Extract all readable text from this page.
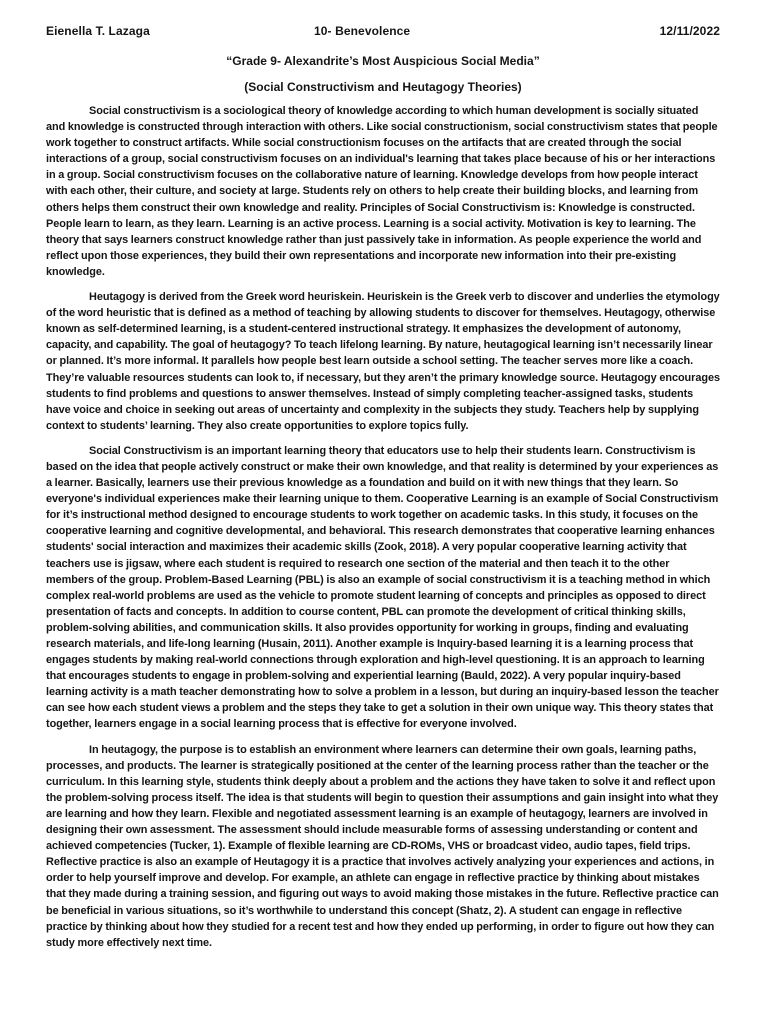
Eienella T. Lazaga	10- Benevolence	12/11/2022
“Grade 9- Alexandrite’s Most Auspicious Social Media”
(Social Constructivism and Heutagogy Theories)

Social constructivism is a sociological theory of knowledge according to which human development is socially situated and knowledge is constructed through interaction with others. Like social constructionism, social constructivism states that people work together to construct artifacts. While social constructionism focuses on the artifacts that are created through the social interactions of a group, social constructivism focuses on an individual's learning that takes place because of his or her interactions in a group. Social constructivism focuses on the collaborative nature of learning. Knowledge develops from how people interact with each other, their culture, and society at large. Students rely on others to help create their building blocks, and learning from others helps them construct their own knowledge and reality. Principles of Social Constructivism is: Knowledge is constructed. People learn to learn, as they learn. Learning is an active process. Learning is a social activity. Motivation is key to learning. The theory that says learners construct knowledge rather than just passively take in information. As people experience the world and reflect upon those experiences, they build their own representations and incorporate new information into their pre-existing knowledge.

Heutagogy is derived from the Greek word heuriskein. Heuriskein is the Greek verb to discover and underlies the etymology of the word heuristic that is defined as a method of teaching by allowing students to discover for themselves. Heutagogy, otherwise known as self-determined learning, is a student-centered instructional strategy. It emphasizes the development of autonomy, capacity, and capability. The goal of heutagogy? To teach lifelong learning. By nature, heutagogical learning isn’t necessarily linear or planned. It’s more informal. It parallels how people best learn outside a school setting. The teacher serves more like a coach. They’re valuable resources students can look to, if necessary, but they aren’t the primary knowledge source. Heutagogy encourages students to find problems and questions to answer themselves. Instead of simply completing teacher-assigned tasks, students have voice and choice in seeking out areas of uncertainty and complexity in the subjects they study. Teachers help by supplying context to students’ learning. They also create opportunities to explore topics fully.

Social Constructivism is an important learning theory that educators use to help their students learn. Constructivism is based on the idea that people actively construct or make their own knowledge, and that reality is determined by your experiences as a learner. Basically, learners use their previous knowledge as a foundation and build on it with new things that they learn. So everyone's individual experiences make their learning unique to them. Cooperative Learning is an example of Social Constructivism for it’s instructional method designed to encourage students to work together on academic tasks. In this study, it focuses on the cooperative learning and cognitive developmental, and behavioral. This research demonstrates that cooperative learning enhances students' social interaction and maximizes their academic skills (Zook, 2018). A very popular cooperative learning activity that teachers use is jigsaw, where each student is required to research one section of the material and then teach it to the other members of the group. Problem-Based Learning (PBL) is also an example of social constructivism it is a teaching method in which complex real-world problems are used as the vehicle to promote student learning of concepts and principles as opposed to direct presentation of facts and concepts. In addition to course content, PBL can promote the development of critical thinking skills, problem-solving abilities, and communication skills. It also provides opportunity for working in groups, finding and evaluating research materials, and life-long learning (Husain, 2011). Another example is Inquiry-based learning it is a learning process that engages students by making real-world connections through exploration and high-level questioning. It is an approach to learning that encourages students to engage in problem-solving and experiential learning (Bauld, 2022). A very popular inquiry-based learning activity is a math teacher demonstrating how to solve a problem in a lesson, but during an inquiry-based lesson the teacher can see how each student views a problem and the steps they take to get a solution in their own unique way. This theory states that together, learners engage in a social learning process that is effective for everyone involved.

In heutagogy, the purpose is to establish an environment where learners can determine their own goals, learning paths, processes, and products. The learner is strategically positioned at the center of the learning process rather than the teacher or the curriculum. In this learning style, students think deeply about a problem and the actions they have taken to solve it and reflect upon the problem-solving process itself. The idea is that students will begin to question their assumptions and gain insight into what they are learning and how they learn. Flexible and negotiated assessment learning is an example of heutagogy, learners are involved in designing their own assessment. The assessment should include measurable forms of assessing understanding or content and achieved competencies (Tucker, 1). Example of flexible learning are CD-ROMs, VHS or broadcast video, audio tapes, field trips. Reflective practice is also an example of Heutagogy it is a practice that involves actively analyzing your experiences and actions, in order to help yourself improve and develop. For example, an athlete can engage in reflective practice by thinking about mistakes that they made during a training session, and figuring out ways to avoid making those mistakes in the future. Reflective practice can be beneficial in various situations, so it’s worthwhile to understand this concept (Shatz, 2). A student can engage in reflective practice by thinking about how they studied for a recent test and how they ended up performing, in order to figure out how they can study more effectively next time.
